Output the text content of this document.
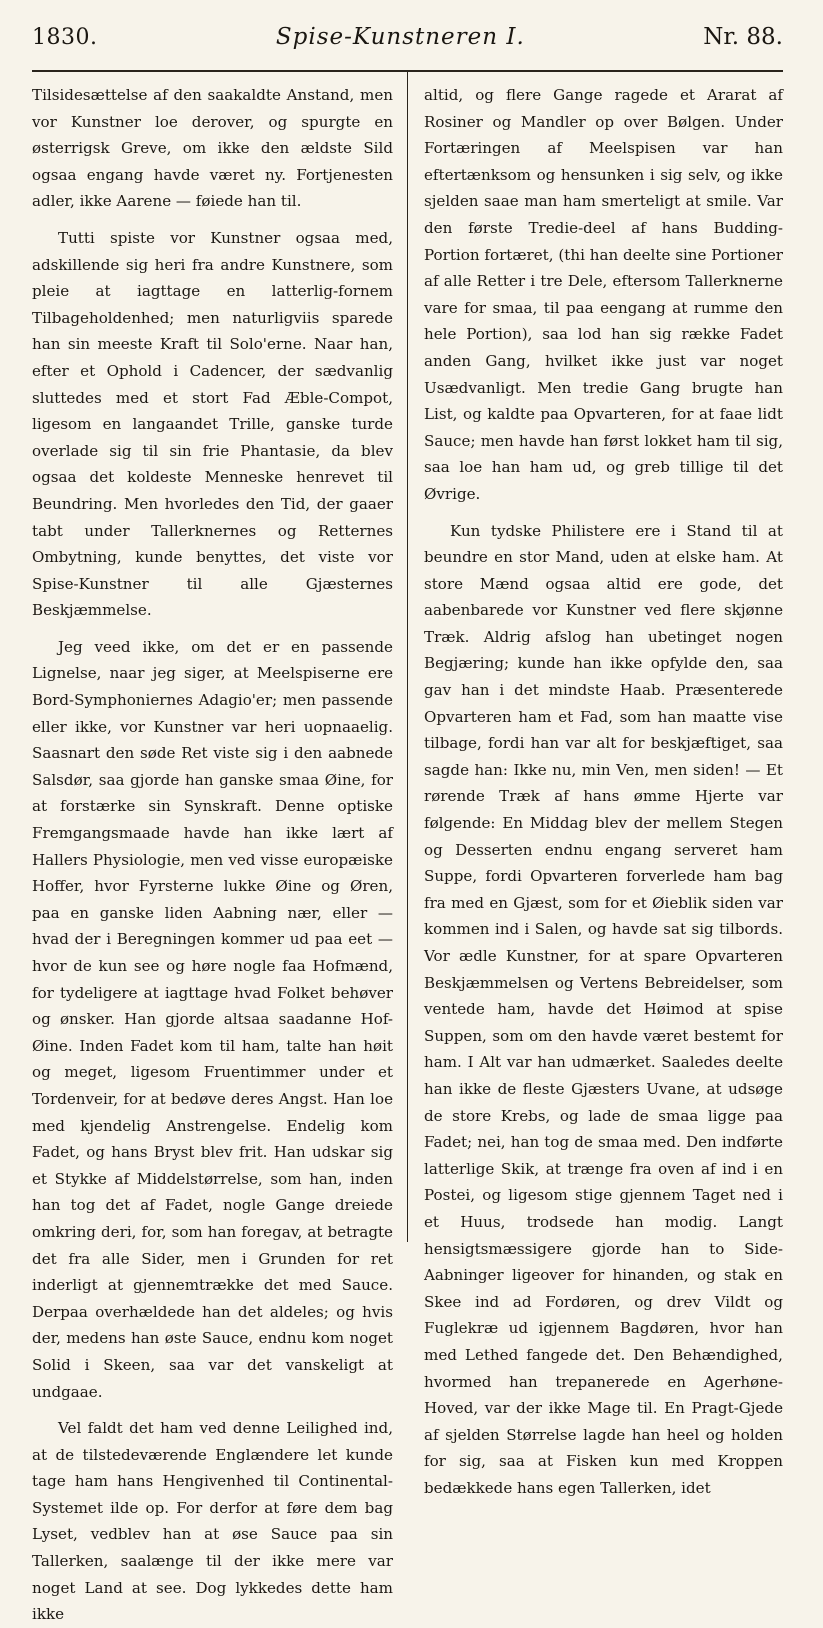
1830.	Spise-Kunstneren I.	Nr. 88.

Tilsidesættelse af den saakaldte Anstand, men vor Kunstner loe derover, og spurgte en østerrigsk Greve, om ikke den ældste Sild ogsaa engang havde været ny. Fortjenesten adler, ikke Aarene — føiede han til.

Tutti spiste vor Kunstner ogsaa med, adskillende sig heri fra andre Kunstnere, som pleie at iagttage en latterlig-fornem Tilbageholdenhed; men naturligviis sparede han sin meeste Kraft til Solo'erne. Naar han, efter et Ophold i Cadencer, der sædvanlig sluttedes med et stort Fad Æble-Compot, ligesom en langaandet Trille, ganske turde overlade sig til sin frie Phantasie, da blev ogsaa det koldeste Menneske henrevet til Beundring. Men hvorledes den Tid, der gaaer tabt under Tallerknernes og Retternes Ombytning, kunde benyttes, det viste vor Spise-Kunstner til alle Gjæsternes Beskjæmmelse.

Jeg veed ikke, om det er en passende Lignelse, naar jeg siger, at Meelspiserne ere Bord-Symphoniernes Adagio'er; men passende eller ikke, vor Kunstner var heri uopnaaelig. Saasnart den søde Ret viste sig i den aabnede Salsdør, saa gjorde han ganske smaa Øine, for at forstærke sin Synskraft. Denne optiske Fremgangsmaade havde han ikke lært af Hallers Physiologie, men ved visse europæiske Hoffer, hvor Fyrsterne lukke Øine og Øren, paa en ganske liden Aabning nær, eller — hvad der i Beregningen kommer ud paa eet — hvor de kun see og høre nogle faa Hofmænd, for tydeligere at iagttage hvad Folket behøver og ønsker. Han gjorde altsaa saadanne Hof-Øine. Inden Fadet kom til ham, talte han høit og meget, ligesom Fruentimmer under et Tordenveir, for at bedøve deres Angst. Han loe med kjendelig Anstrengelse. Endelig kom Fadet, og hans Bryst blev frit. Han udskar sig et Stykke af Middelstørrelse, som han, inden han tog det af Fadet, nogle Gange dreiede omkring deri, for, som han foregav, at betragte det fra alle Sider, men i Grunden for ret inderligt at gjennemtrække det med Sauce. Derpaa overhældede han det aldeles; og hvis der, medens han øste Sauce, endnu kom noget Solid i Skeen, saa var det vanskeligt at undgaae.

Vel faldt det ham ved denne Leilighed ind, at de tilstedeværende Englændere let kunde tage ham hans Hengivenhed til Continental-Systemet ilde op. For derfor at føre dem bag Lyset, vedblev han at øse Sauce paa sin Tallerken, saalænge til der ikke mere var noget Land at see. Dog lykkedes dette ham ikke

altid, og flere Gange ragede et Ararat af Rosiner og Mandler op over Bølgen. Under Fortæringen af Meelspisen var han eftertænksom og hensunken i sig selv, og ikke sjelden saae man ham smerteligt at smile. Var den første Tredie-deel af hans Budding-Portion fortæret, (thi han deelte sine Portioner af alle Retter i tre Dele, eftersom Tallerknerne vare for smaa, til paa eengang at rumme den hele Portion), saa lod han sig række Fadet anden Gang, hvilket ikke just var noget Usædvanligt. Men tredie Gang brugte han List, og kaldte paa Opvarteren, for at faae lidt Sauce; men havde han først lokket ham til sig, saa loe han ham ud, og greb tillige til det Øvrige.

Kun tydske Philistere ere i Stand til at beundre en stor Mand, uden at elske ham. At store Mænd ogsaa altid ere gode, det aabenbarede vor Kunstner ved flere skjønne Træk. Aldrig afslog han ubetinget nogen Begjæring; kunde han ikke opfylde den, saa gav han i det mindste Haab. Præsenterede Opvarteren ham et Fad, som han maatte vise tilbage, fordi han var alt for beskjæftiget, saa sagde han: Ikke nu, min Ven, men siden! — Et rørende Træk af hans ømme Hjerte var følgende: En Middag blev der mellem Stegen og Desserten endnu engang serveret ham Suppe, fordi Opvarteren forverlede ham bag fra med en Gjæst, som for et Øieblik siden var kommen ind i Salen, og havde sat sig tilbords. Vor ædle Kunstner, for at spare Opvarteren Beskjæmmelsen og Vertens Bebreidelser, som ventede ham, havde det Høimod at spise Suppen, som om den havde været bestemt for ham. I Alt var han udmærket. Saaledes deelte han ikke de fleste Gjæsters Uvane, at udsøge de store Krebs, og lade de smaa ligge paa Fadet; nei, han tog de smaa med. Den indførte latterlige Skik, at trænge fra oven af ind i en Postei, og ligesom stige gjennem Taget ned i et Huus, trodsede han modig. Langt hensigtsmæssigere gjorde han to Side-Aabninger ligeover for hinanden, og stak en Skee ind ad Fordøren, og drev Vildt og Fuglekræ ud igjennem Bagdøren, hvor han med Lethed fangede det. Den Behændighed, hvormed han trepanerede en Agerhøne-Hoved, var der ikke Mage til. En Pragt-Gjede af sjelden Størrelse lagde han heel og holden for sig, saa at Fisken kun med Kroppen bedækkede hans egen Tallerken, idet
